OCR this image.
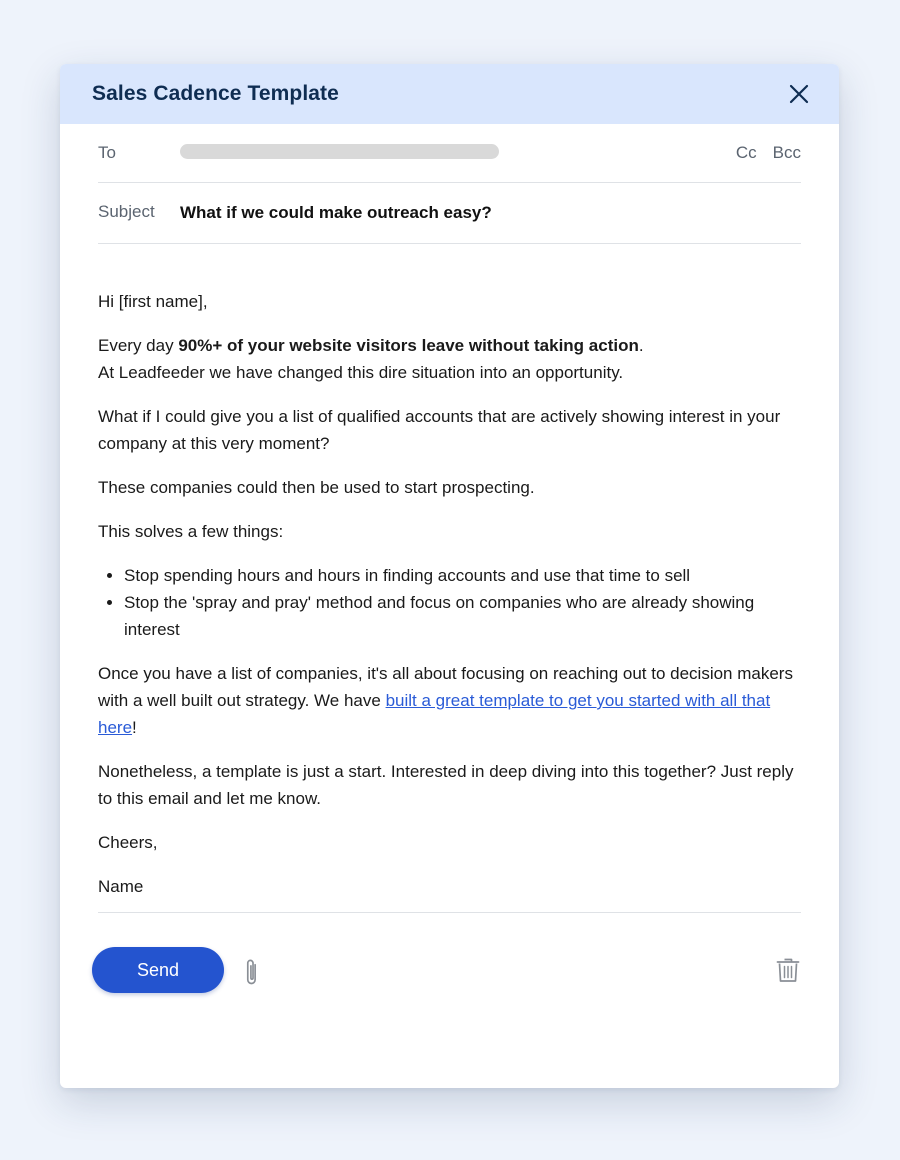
Sales Cadence Template
To	Cc Bcc
Subject	What if we could make outreach easy?

Hi [first name],

Every day 90%+ of your website visitors leave without taking action.
At Leadfeeder we have changed this dire situation into an opportunity.

What if I could give you a list of qualified accounts that are actively showing interest in your company at this very moment?

These companies could then be used to start prospecting.

This solves a few things:

• Stop spending hours and hours in finding accounts and use that time to sell
• Stop the 'spray and pray' method and focus on companies who are already showing interest

Once you have a list of companies, it's all about focusing on reaching out to decision makers with a well built out strategy. We have built a great template to get you started with all that here!

Nonetheless, a template is just a start. Interested in deep diving into this together? Just reply to this email and let me know.

Cheers,

Name

Send
